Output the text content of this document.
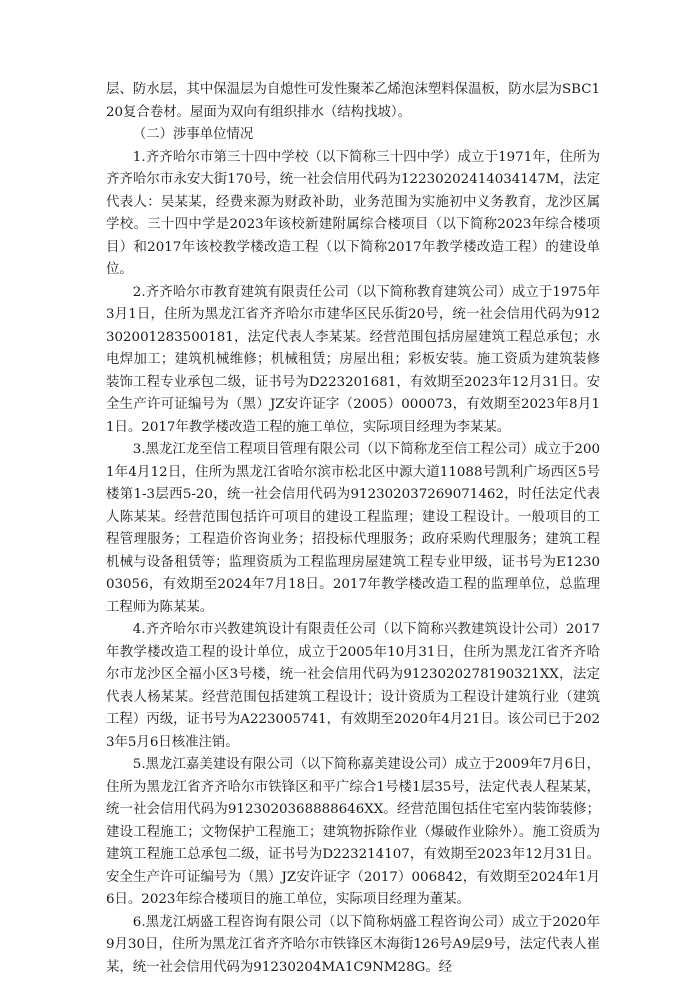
层、防水层，其中保温层为自熄性可发性聚苯乙烯泡沫塑料保温板，防水层为SBC120复合卷材。屋面为双向有组织排水（结构找坡）。

（二）涉事单位情况

1.齐齐哈尔市第三十四中学校（以下简称三十四中学）成立于1971年，住所为齐齐哈尔市永安大街170号，统一社会信用代码为12230202414034147M，法定代表人：吴某某，经费来源为财政补助，业务范围为实施初中义务教育，龙沙区属学校。三十四中学是2023年该校新建附属综合楼项目（以下简称2023年综合楼项目）和2017年该校教学楼改造工程（以下简称2017年教学楼改造工程）的建设单位。

2.齐齐哈尔市教育建筑有限责任公司（以下简称教育建筑公司）成立于1975年3月1日，住所为黑龙江省齐齐哈尔市建华区民乐街20号，统一社会信用代码为912302001283500181，法定代表人李某某。经营范围包括房屋建筑工程总承包；水电焊加工；建筑机械维修；机械租赁；房屋出租；彩板安装。施工资质为建筑装修装饰工程专业承包二级，证书号为D223201681，有效期至2023年12月31日。安全生产许可证编号为（黑）JZ安许证字（2005）000073，有效期至2023年8月11日。2017年教学楼改造工程的施工单位，实际项目经理为李某某。

3.黑龙江龙至信工程项目管理有限公司（以下简称龙至信工程公司）成立于2001年4月12日，住所为黑龙江省哈尔滨市松北区中源大道11088号凯利广场西区5号楼第1-3层西5-20，统一社会信用代码为912302037269071462，时任法定代表人陈某某。经营范围包括许可项目的建设工程监理；建设工程设计。一般项目的工程管理服务；工程造价咨询业务；招投标代理服务；政府采购代理服务；建筑工程机械与设备租赁等；监理资质为工程监理房屋建筑工程专业甲级，证书号为E123003056，有效期至2024年7月18日。2017年教学楼改造工程的监理单位，总监理工程师为陈某某。

4.齐齐哈尔市兴教建筑设计有限责任公司（以下简称兴教建筑设计公司）2017年教学楼改造工程的设计单位，成立于2005年10月31日，住所为黑龙江省齐齐哈尔市龙沙区全福小区3号楼，统一社会信用代码为9123020278190321XX，法定代表人杨某某。经营范围包括建筑工程设计；设计资质为工程设计建筑行业（建筑工程）丙级，证书号为A223005741，有效期至2020年4月21日。该公司已于2023年5月6日核准注销。

5.黑龙江嘉美建设有限公司（以下简称嘉美建设公司）成立于2009年7月6日，住所为黑龙江省齐齐哈尔市铁锋区和平广综合1号楼1层35号，法定代表人程某某，统一社会信用代码为9123020368888646XX。经营范围包括住宅室内装饰装修；建设工程施工；文物保护工程施工；建筑物拆除作业（爆破作业除外）。施工资质为建筑工程施工总承包二级，证书号为D223214107，有效期至2023年12月31日。安全生产许可证编号为（黑）JZ安许证字（2017）006842，有效期至2024年1月6日。2023年综合楼项目的施工单位，实际项目经理为董某。

6.黑龙江炳盛工程咨询有限公司（以下简称炳盛工程咨询公司）成立于2020年9月30日，住所为黑龙江省齐齐哈尔市铁锋区木海街126号A9层9号，法定代表人崔某，统一社会信用代码为91230204MA1C9NM28G。经
